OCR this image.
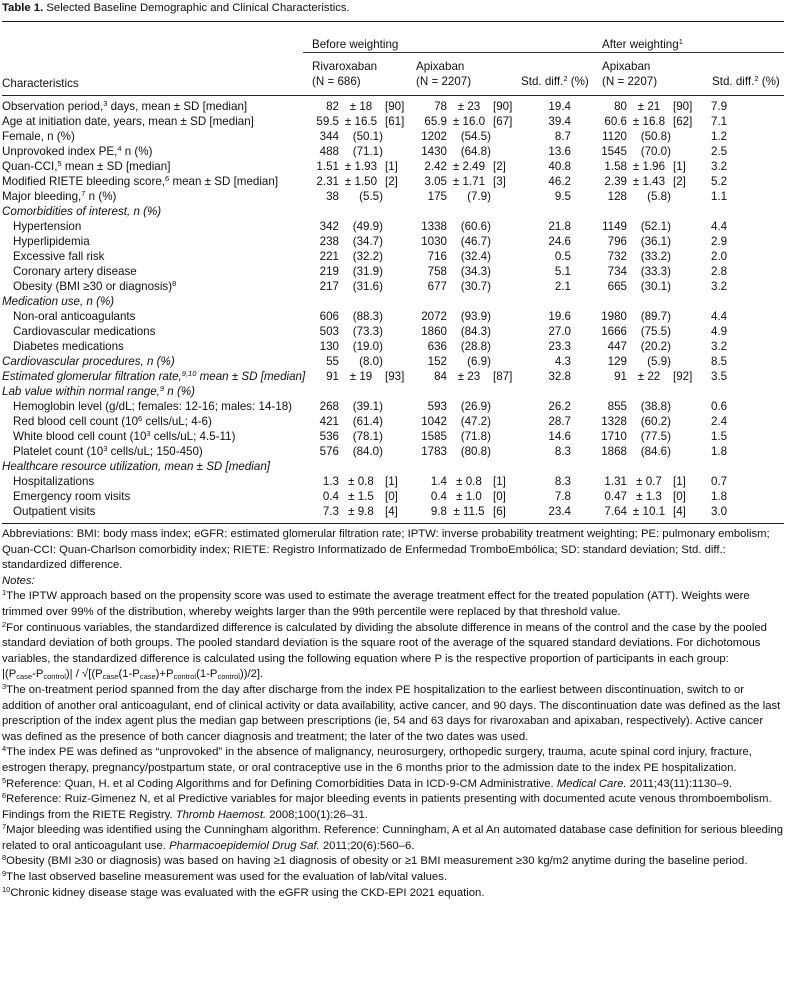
Table 1. Selected Baseline Demographic and Clinical Characteristics.

	Before weighting							After weighting$^1$

	Rivaroxaban			Apixaban				Apixaban			
Characteristics	(N = 686)			(N = 2207)			Std. diff.$^2$ (%)	(N = 2207)			Std. diff.$^2$ (%)

Observation period,$^3$ days, mean ± SD [median]	82	± 18	[90]	78	± 23	[90]	19.4	80	± 21	[90]	7.9
Age at initiation date, years, mean ± SD [median]	59.5	± 16.5	[61]	65.9	± 16.0	[67]	39.4	60.6	± 16.8	[62]	7.1
Female, n (%)	344	(50.1)		1202	(54.5)		8.7	1120	(50.8)		1.2
Unprovoked index PE,$^4$ n (%)	488	(71.1)		1430	(64.8)		13.6	1545	(70.0)		2.5
Quan-CCI,$^5$ mean ± SD [median]	1.51	± 1.93	[1]	2.42	± 2.49	[2]	40.8	1.58	± 1.96	[1]	3.2
Modified RIETE bleeding score,$^6$ mean ± SD [median]	2.31	± 1.50	[2]	3.05	± 1.71	[3]	46.2	2.39	± 1.43	[2]	5.2
Major bleeding,$^7$ n (%)	38	(5.5)		175	(7.9)		9.5	128	(5.8)		1.1
Comorbidities of interest, n (%)											
Hypertension	342	(49.9)		1338	(60.6)		21.8	1149	(52.1)		4.4
Hyperlipidemia	238	(34.7)		1030	(46.7)		24.6	796	(36.1)		2.9
Excessive fall risk	221	(32.2)		716	(32.4)		0.5	732	(33.2)		2.0
Coronary artery disease	219	(31.9)		758	(34.3)		5.1	734	(33.3)		2.8
Obesity (BMI ≥30 or diagnosis)$^8$	217	(31.6)		677	(30.7)		2.1	665	(30.1)		3.2
Medication use, n (%)											
Non-oral anticoagulants	606	(88.3)		2072	(93.9)		19.6	1980	(89.7)		4.4
Cardiovascular medications	503	(73.3)		1860	(84.3)		27.0	1666	(75.5)		4.9
Diabetes medications	130	(19.0)		636	(28.8)		23.3	447	(20.2)		3.2
Cardiovascular procedures, n (%)	55	(8.0)		152	(6.9)		4.3	129	(5.9)		8.5
Estimated glomerular filtration rate,$^{9,10}$ mean ± SD [median]	91	± 19	[93]	84	± 23	[87]	32.8	91	± 22	[92]	3.5
Lab value within normal range,$^9$ n (%)											
Hemoglobin level (g/dL; females: 12-16; males: 14-18)	268	(39.1)		593	(26.9)		26.2	855	(38.8)		0.6
Red blood cell count ($10^6$ cells/uL; 4-6)	421	(61.4)		1042	(47.2)		28.7	1328	(60.2)		2.4
White blood cell count ($10^3$ cells/uL; 4.5-11)	536	(78.1)		1585	(71.8)		14.6	1710	(77.5)		1.5
Platelet count ($10^3$ cells/uL; 150-450)	576	(84.0)		1783	(80.8)		8.3	1868	(84.6)		1.8
Healthcare resource utilization, mean ± SD [median]											
Hospitalizations	1.3	± 0.8	[1]	1.4	± 0.8	[1]	8.3	1.31	± 0.7	[1]	0.7
Emergency room visits	0.4	± 1.5	[0]	0.4	± 1.0	[0]	7.8	0.47	± 1.3	[0]	1.8
Outpatient visits	7.3	± 9.8	[4]	9.8	± 11.5	[6]	23.4	7.64	± 10.1	[4]	3.0

Abbreviations: BMI: body mass index; eGFR: estimated glomerular filtration rate; IPTW: inverse probability treatment weighting; PE: pulmonary embolism; Quan-CCI: Quan-Charlson comorbidity index; RIETE: Registro Informatizado de Enfermedad TromboEmbólica; SD: standard deviation; Std. diff.: standardized difference.

Notes:

$^1$The IPTW approach based on the propensity score was used to estimate the average treatment effect for the treated population (ATT). Weights were trimmed over 99% of the distribution, whereby weights larger than the 99th percentile were replaced by that threshold value.

$^2$For continuous variables, the standardized difference is calculated by dividing the absolute difference in means of the control and the case by the pooled standard deviation of both groups. The pooled standard deviation is the square root of the average of the squared standard deviations. For dichotomous variables, the standardized difference is calculated using the following equation where P is the respective proportion of participants in each group:
$|(P_{case}-P_{control})| / √[(P_{case}(1-P_{case})+P_{control}(1-P_{control}))/2]$.

$^3$The on-treatment period spanned from the day after discharge from the index PE hospitalization to the earliest between discontinuation, switch to or addition of another oral anticoagulant, end of clinical activity or data availability, active cancer, and 90 days. The discontinuation date was defined as the last prescription of the index agent plus the median gap between prescriptions (ie, 54 and 63 days for rivaroxaban and apixaban, respectively). Active cancer was defined as the presence of both cancer diagnosis and treatment; the later of the two dates was used.

$^4$The index PE was defined as “unprovoked” in the absence of malignancy, neurosurgery, orthopedic surgery, trauma, acute spinal cord injury, fracture, estrogen therapy, pregnancy/postpartum state, or oral contraceptive use in the 6 months prior to the admission date to the index PE hospitalization.

$^5$Reference: Quan, H. et al Coding Algorithms and for Defining Comorbidities Data in ICD-9-CM Administrative. Medical Care. 2011;43(11):1130–9.

$^6$Reference: Ruiz-Gimenez N, et al Predictive variables for major bleeding events in patients presenting with documented acute venous thromboembolism. Findings from the RIETE Registry. Thromb Haemost. 2008;100(1):26–31.

$^7$Major bleeding was identified using the Cunningham algorithm. Reference: Cunningham, A et al An automated database case definition for serious bleeding related to oral anticoagulant use. Pharmacoepidemiol Drug Saf. 2011;20(6):560–6.

$^8$Obesity (BMI ≥30 or diagnosis) was based on having ≥1 diagnosis of obesity or ≥1 BMI measurement ≥30 kg/m2 anytime during the baseline period.

$^9$The last observed baseline measurement was used for the evaluation of lab/vital values.

$^{10}$Chronic kidney disease stage was evaluated with the eGFR using the CKD-EPI 2021 equation.
